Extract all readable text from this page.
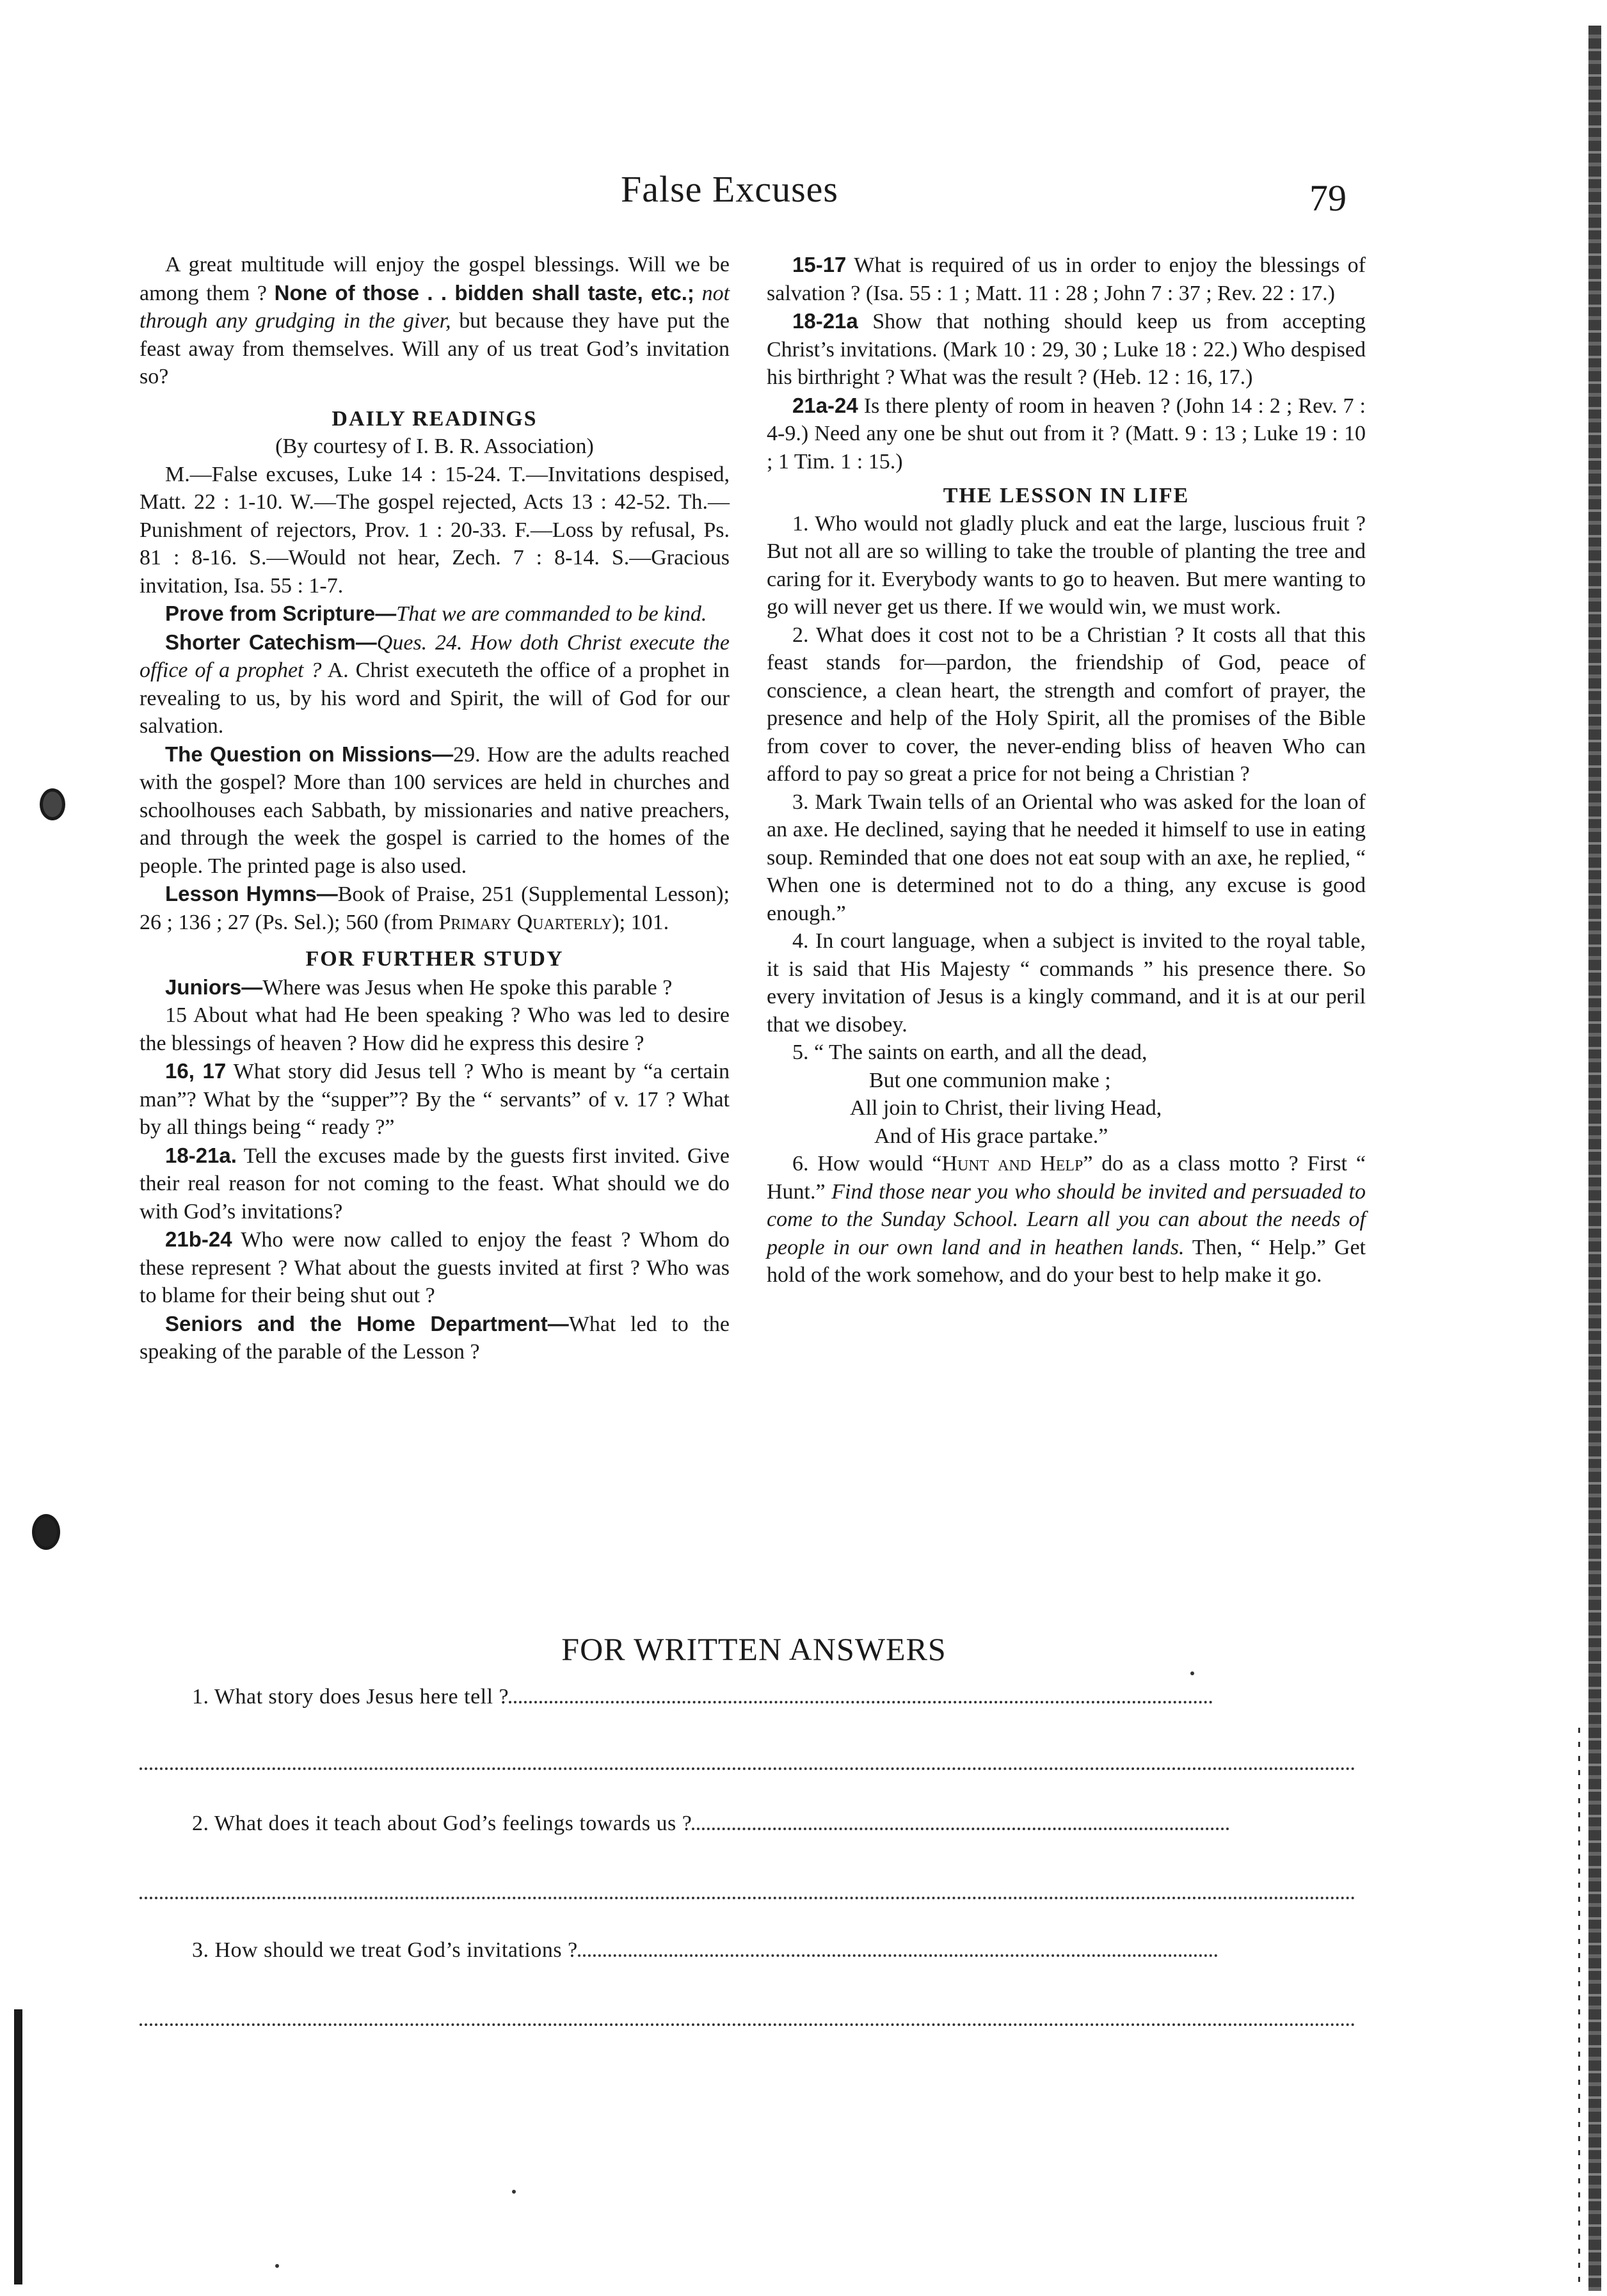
False Excuses	79

A great multitude will enjoy the gospel blessings. Will we be among them ? None of those . . bidden shall taste, etc.; not through any grudging in the giver, but because they have put the feast away from themselves. Will any of us treat God’s invitation so?

DAILY READINGS

(By courtesy of I. B. R. Association)

M.—False excuses, Luke 14 : 15-24. T.—Invitations despised, Matt. 22 : 1-10. W.—The gospel rejected, Acts 13 : 42-52. Th.—Punishment of rejectors, Prov. 1 : 20-33. F.—Loss by refusal, Ps. 81 : 8-16. S.—Would not hear, Zech. 7 : 8-14. S.—Gracious invitation, Isa. 55 : 1-7.

Prove from Scripture—That we are commanded to be kind.

Shorter Catechism—Ques. 24. How doth Christ execute the office of a prophet ? A. Christ executeth the office of a prophet in revealing to us, by his word and Spirit, the will of God for our salvation.

The Question on Missions—29. How are the adults reached with the gospel? More than 100 services are held in churches and schoolhouses each Sabbath, by missionaries and native preachers, and through the week the gospel is carried to the homes of the people. The printed page is also used.

Lesson Hymns—Book of Praise, 251 (Supplemental Lesson); 26 ; 136 ; 27 (Ps. Sel.); 560 (from Primary Quarterly); 101.

FOR FURTHER STUDY

Juniors—Where was Jesus when He spoke this parable ?

15 About what had He been speaking ? Who was led to desire the blessings of heaven ? How did he express this desire ?

16, 17 What story did Jesus tell ? Who is meant by “a certain man”? What by the “supper”? By the “ servants” of v. 17 ? What by all things being “ ready ?”

18-21a. Tell the excuses made by the guests first invited. Give their real reason for not coming to the feast. What should we do with God’s invitations?

21b-24 Who were now called to enjoy the feast ? Whom do these represent ? What about the guests invited at first ? Who was to blame for their being shut out ?

Seniors and the Home Department—What led to the speaking of the parable of the Lesson ?

15-17 What is required of us in order to enjoy the blessings of salvation ? (Isa. 55 : 1 ; Matt. 11 : 28 ; John 7 : 37 ; Rev. 22 : 17.)

18-21a Show that nothing should keep us from accepting Christ’s invitations. (Mark 10 : 29, 30 ; Luke 18 : 22.) Who despised his birthright ? What was the result ? (Heb. 12 : 16, 17.)

21a-24 Is there plenty of room in heaven ? (John 14 : 2 ; Rev. 7 : 4-9.) Need any one be shut out from it ? (Matt. 9 : 13 ; Luke 19 : 10 ; 1 Tim. 1 : 15.)

THE LESSON IN LIFE

1. Who would not gladly pluck and eat the large, luscious fruit ? But not all are so willing to take the trouble of planting the tree and caring for it. Everybody wants to go to heaven. But mere wanting to go will never get us there. If we would win, we must work.

2. What does it cost not to be a Christian ? It costs all that this feast stands for—pardon, the friendship of God, peace of conscience, a clean heart, the strength and comfort of prayer, the presence and help of the Holy Spirit, all the promises of the Bible from cover to cover, the never-ending bliss of heaven Who can afford to pay so great a price for not being a Christian ?

3. Mark Twain tells of an Oriental who was asked for the loan of an axe. He declined, saying that he needed it himself to use in eating soup. Reminded that one does not eat soup with an axe, he replied, “ When one is determined not to do a thing, any excuse is good enough.”

4. In court language, when a subject is invited to the royal table, it is said that His Majesty “ commands ” his presence there. So every invitation of Jesus is a kingly command, and it is at our peril that we disobey.

5. “ The saints on earth, and all the dead,
But one communion make ;
All join to Christ, their living Head,
And of His grace partake.”

6. How would “Hunt and Help” do as a class motto ? First “ Hunt.” Find those near you who should be invited and persuaded to come to the Sunday School. Learn all you can about the needs of people in our own land and in heathen lands. Then, “ Help.” Get hold of the work somehow, and do your best to help make it go.

FOR WRITTEN ANSWERS
1. What story does Jesus here tell ?
2. What does it teach about God’s feelings towards us ?
3. How should we treat God’s invitations ?
